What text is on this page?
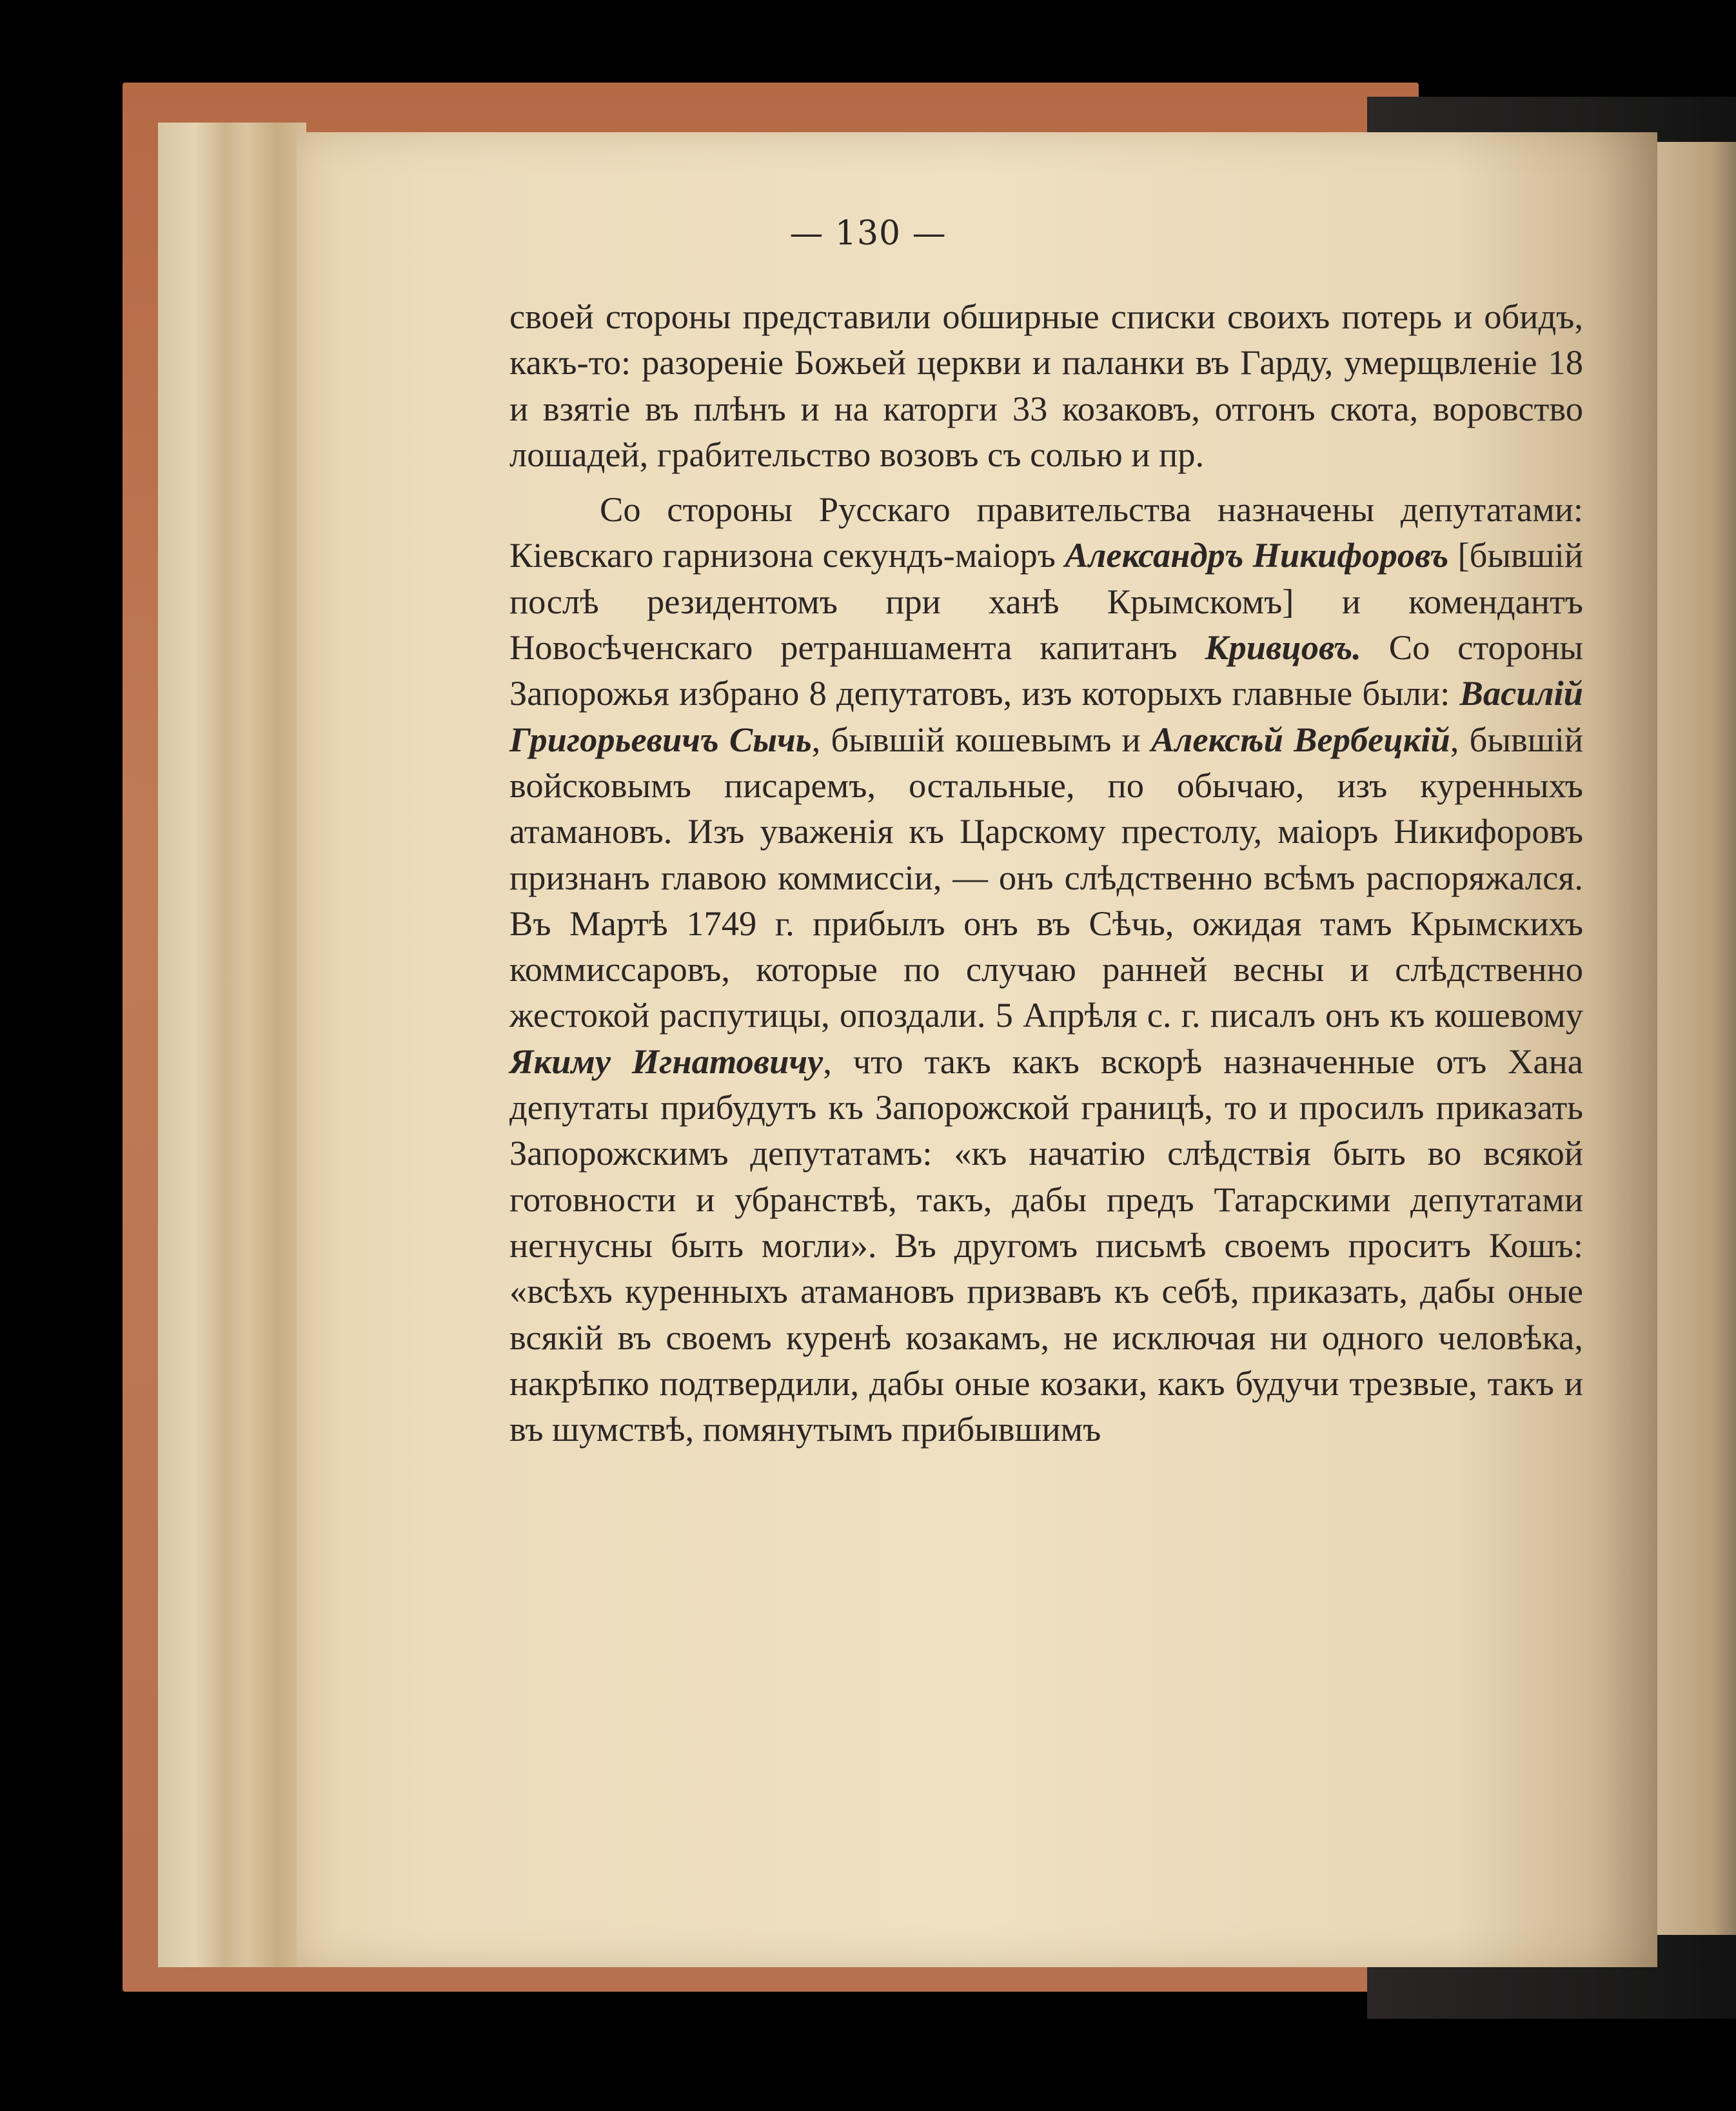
— 130 —

своей стороны представили обширные списки своихъ потерь и обидъ, какъ-то: разореніе Божьей церкви и паланки въ Гарду, умерщвленіе 18 и взятіе въ плѣнъ и на каторги 33 козаковъ, отгонъ скота, воровство лошадей, грабительство возовъ съ солью и пр.

Со стороны Русскаго правительства назначены депутатами: Кіевскаго гарнизона секундъ-маіоръ Александръ Никифоровъ [бывшій послѣ резидентомъ при ханѣ Крымскомъ] и комендантъ Новосѣченскаго ретраншамента капитанъ Кривцовъ. Со стороны Запорожья избрано 8 депутатовъ, изъ которыхъ главные были: Василій Григорьевичъ Сычь, бывшій кошевымъ и Алексѣй Вербецкій, бывшій войсковымъ писаремъ, остальные, по обычаю, изъ куренныхъ атамановъ. Изъ уваженія къ Царскому престолу, маіоръ Никифоровъ признанъ главою коммиссіи, — онъ слѣдственно всѣмъ распоряжался. Въ Мартѣ 1749 г. прибылъ онъ въ Сѣчь, ожидая тамъ Крымскихъ коммиссаровъ, которые по случаю ранней весны и слѣдственно жестокой распутицы, опоздали. 5 Апрѣля с. г. писалъ онъ къ кошевому Якиму Игнатовичу, что такъ какъ вскорѣ назначенные отъ Хана депутаты прибудутъ къ Запорожской границѣ, то и просилъ приказать Запорожскимъ депутатамъ: «къ начатію слѣдствія быть во всякой готовности и убранствѣ, такъ, дабы предъ Татарскими депутатами негнусны быть могли». Въ другомъ письмѣ своемъ проситъ Кошъ: «всѣхъ куренныхъ атамановъ призвавъ къ себѣ, приказать, дабы оные всякій въ своемъ куренѣ козакамъ, не исключая ни одного человѣка, накрѣпко подтвердили, дабы оные козаки, какъ будучи трезвые, такъ и въ шумствѣ, помянутымъ прибывшимъ
